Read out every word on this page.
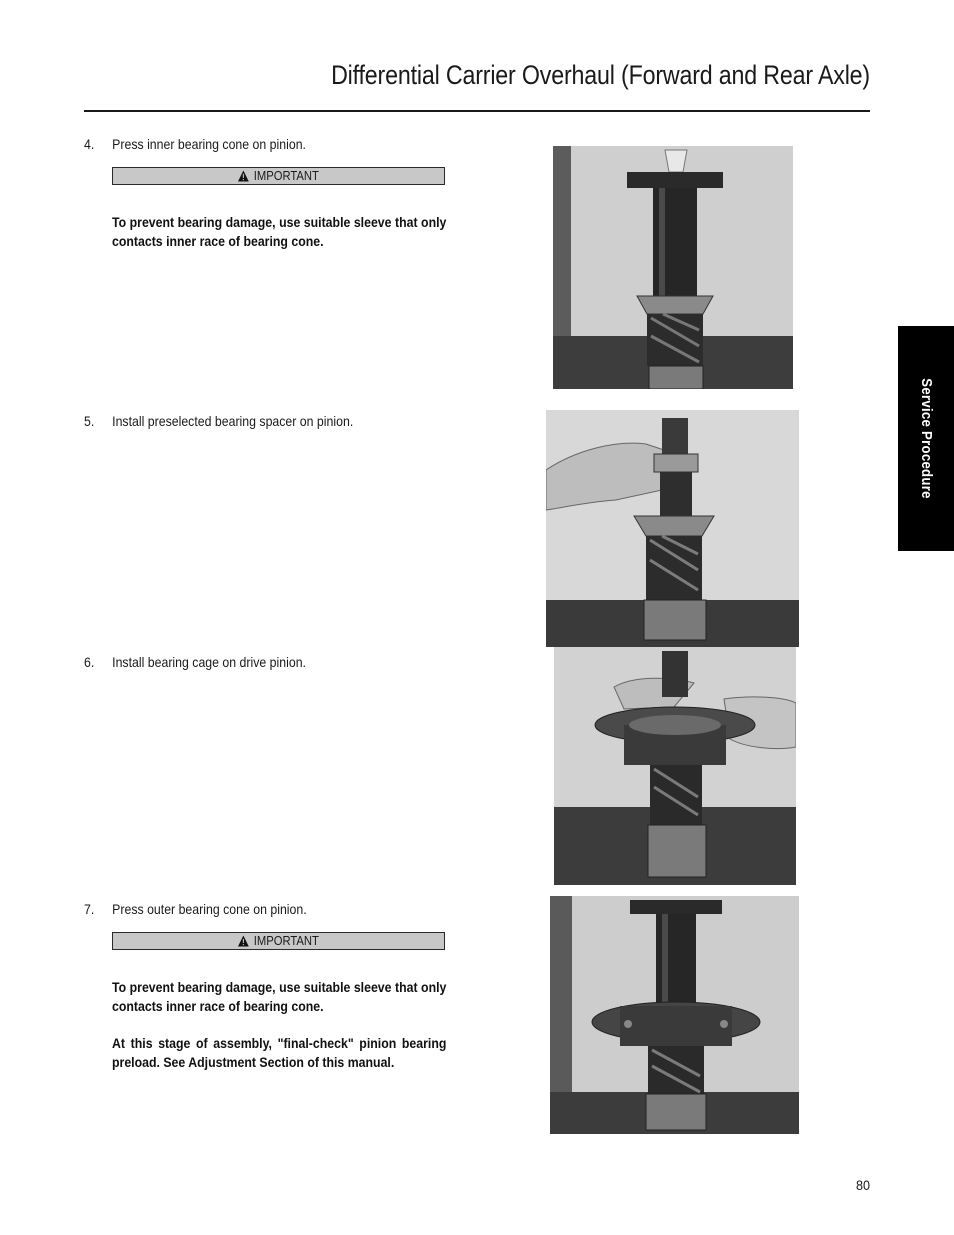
Differential Carrier Overhaul (Forward and Rear Axle)
4. Press inner bearing cone on pinion.
IMPORTANT
To prevent bearing damage, use suitable sleeve that only contacts inner race of bearing cone.
5. Install preselected bearing spacer on pinion.
6. Install bearing cage on drive pinion.
7. Press outer bearing cone on pinion.
IMPORTANT
To prevent bearing damage, use suitable sleeve that only contacts inner race of bearing cone.
At this stage of assembly, "final-check" pinion bearing preload. See Adjustment Section of this manual.
Service Procedure
80
